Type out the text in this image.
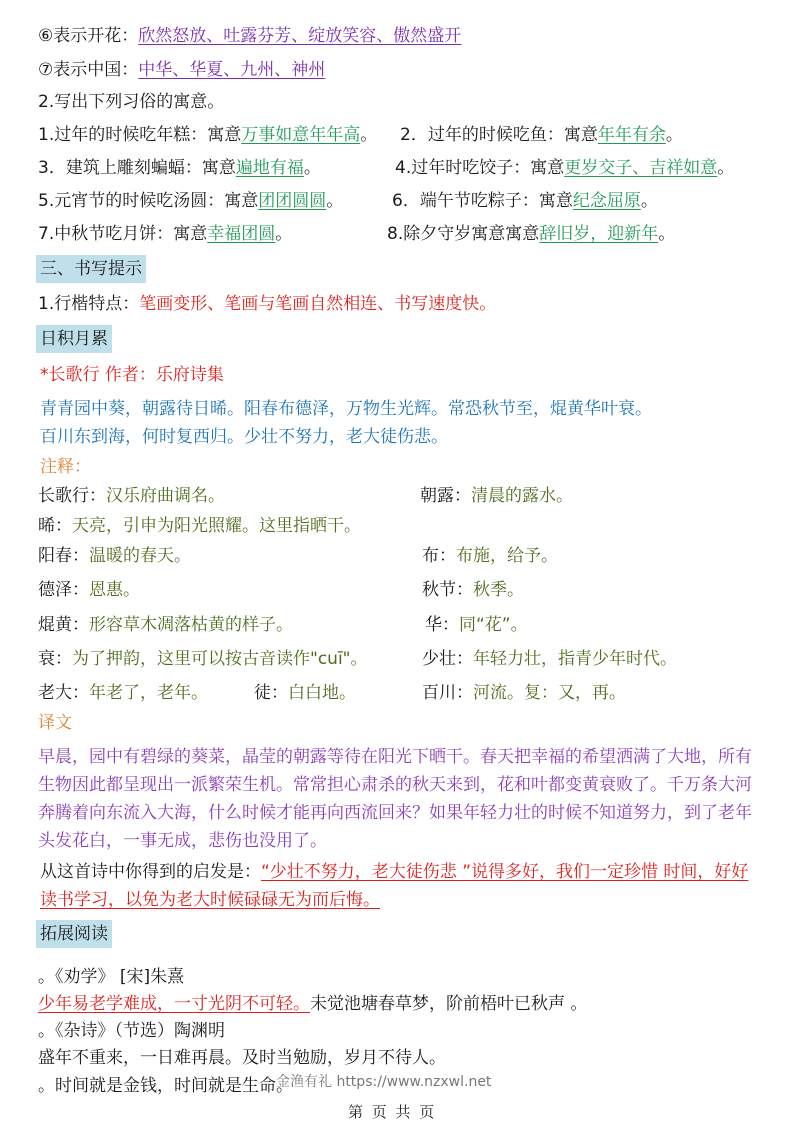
⑥表示开花：欣然怒放、吐露芬芳、绽放笑容、傲然盛开
⑦表示中国：中华、华夏、九州、神州
2.写出下列习俗的寓意。
1.过年的时候吃年糕：寓意万事如意年年高。 2．过年的时候吃鱼：寓意年年有余。
3．建筑上雕刻蝙蝠：寓意遍地有福。	4.过年时吃饺子：寓意更岁交子、吉祥如意。
5.元宵节的时候吃汤圆：寓意团团圆圆。	6．端午节吃粽子：寓意纪念屈原。
7.中秋节吃月饼：寓意幸福团圆。	8.除夕守岁寓意寓意辞旧岁，迎新年。
三、书写提示
1.行楷特点：笔画变形、笔画与笔画自然相连、书写速度快。
日积月累
*长歌行 作者：乐府诗集
青青园中葵，朝露待日晞。阳春布德泽，万物生光辉。常恐秋节至，焜黄华叶衰。
百川东到海，何时复西归。少壮不努力，老大徒伤悲。
注释：
长歌行：汉乐府曲调名。	朝露：清晨的露水。
晞：天亮，引申为阳光照耀。这里指晒干。
阳春：温暖的春天。	布：布施，给予。
德泽：恩惠。	秋节：秋季。
焜黄：形容草木凋落枯黄的样子。	华：同“花”。
衰：为了押韵，这里可以按古音读作"cuī"。	少壮：年轻力壮，指青少年时代。
老大：年老了，老年。	徒：白白地。	百川：河流。复：又，再。
译文
早晨，园中有碧绿的葵菜，晶莹的朝露等待在阳光下晒干。春天把幸福的希望洒满了大地，所有生物因此都呈现出一派繁荣生机。常常担心肃杀的秋天来到，花和叶都变黄衰败了。千万条大河奔腾着向东流入大海，什么时候才能再向西流回来？如果年轻力壮的时候不知道努力，到了老年头发花白，一事无成，悲伤也没用了。
从这首诗中你得到的启发是：“少壮不努力，老大徒伤悲 ”说得多好，我们一定珍惜 时间，好好读书学习，以免为老大时候碌碌无为而后悔。
拓展阅读
。《劝学》 [宋]朱熹
少年易老学难成，一寸光阴不可轻。未觉池塘春草梦，阶前梧叶已秋声 。
。《杂诗》（节选）陶渊明
盛年不重来，一日难再晨。及时当勉励，岁月不待人。
。时间就是金钱，时间就是生命。
金渔有礼 https://www.nzxwl.net
第 页 共 页
